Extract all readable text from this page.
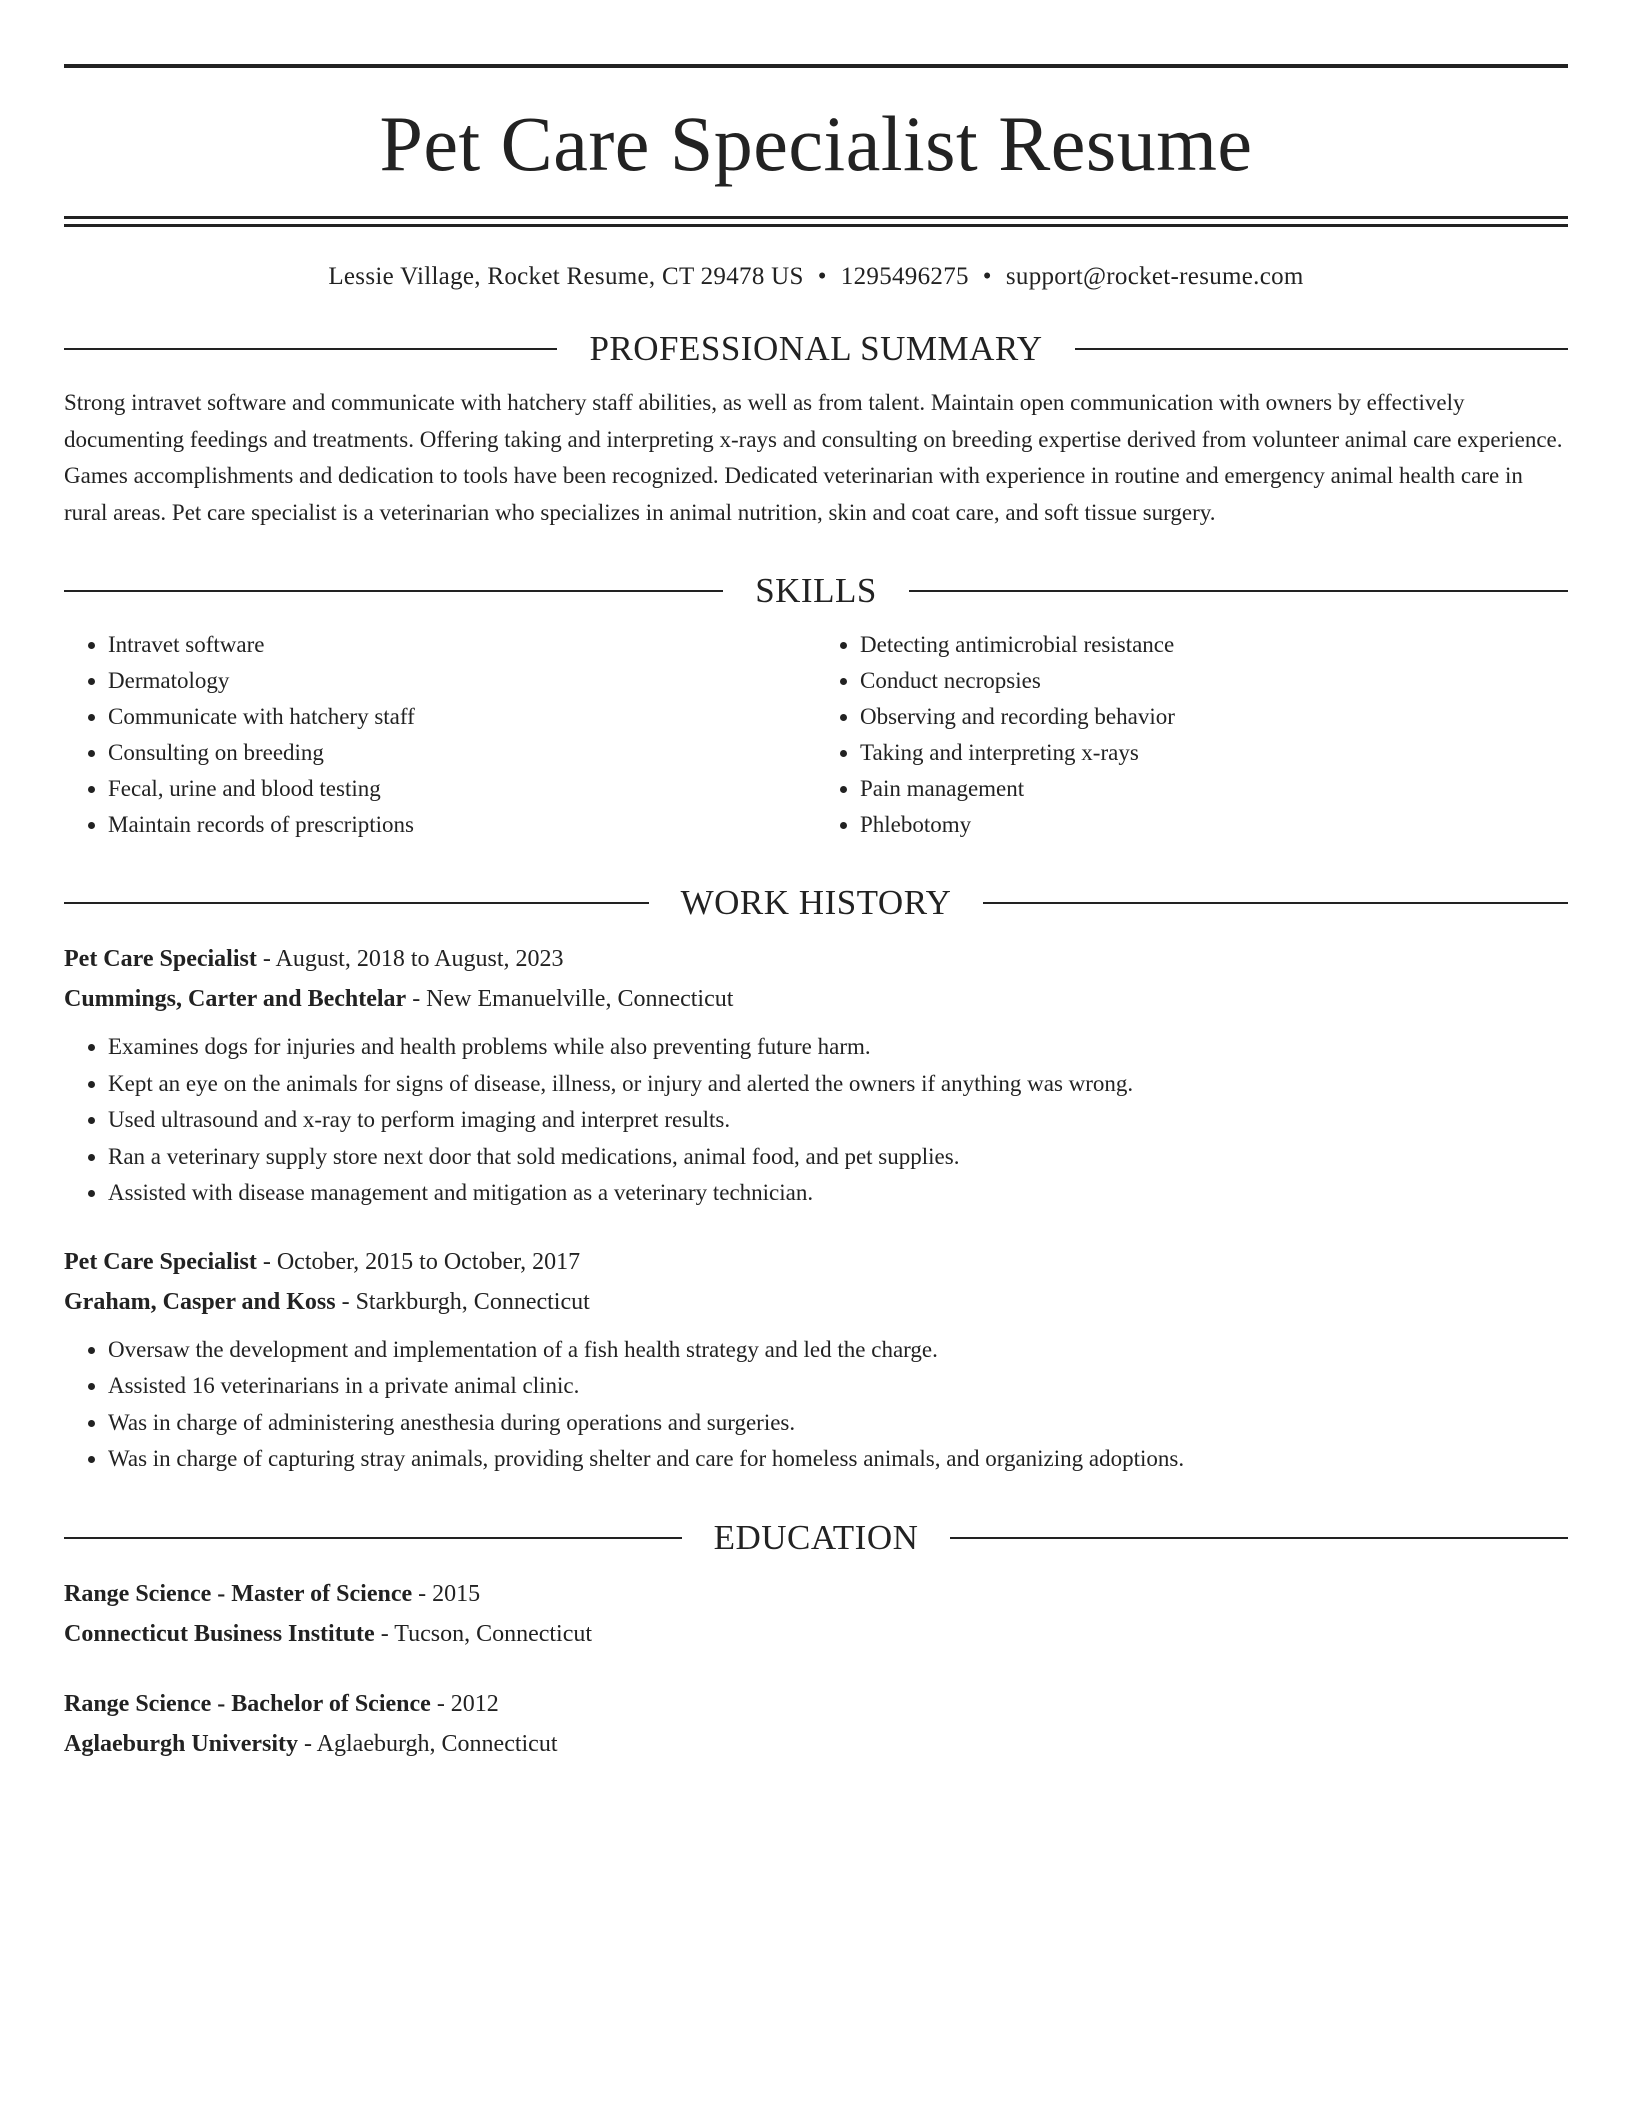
Pet Care Specialist Resume
Lessie Village, Rocket Resume, CT 29478 US • 1295496275 • support@rocket-resume.com
PROFESSIONAL SUMMARY

Strong intravet software and communicate with hatchery staff abilities, as well as from talent. Maintain open communication with owners by effectively documenting feedings and treatments. Offering taking and interpreting x-rays and consulting on breeding expertise derived from volunteer animal care experience. Games accomplishments and dedication to tools have been recognized. Dedicated veterinarian with experience in routine and emergency animal health care in rural areas. Pet care specialist is a veterinarian who specializes in animal nutrition, skin and coat care, and soft tissue surgery.

SKILLS
• Intravet software
• Dermatology
• Communicate with hatchery staff
• Consulting on breeding
• Fecal, urine and blood testing
• Maintain records of prescriptions
• Detecting antimicrobial resistance
• Conduct necropsies
• Observing and recording behavior
• Taking and interpreting x-rays
• Pain management
• Phlebotomy
WORK HISTORY
Pet Care Specialist - August, 2018 to August, 2023
Cummings, Carter and Bechtelar - New Emanuelville, Connecticut
• Examines dogs for injuries and health problems while also preventing future harm.
• Kept an eye on the animals for signs of disease, illness, or injury and alerted the owners if anything was wrong.
• Used ultrasound and x-ray to perform imaging and interpret results.
• Ran a veterinary supply store next door that sold medications, animal food, and pet supplies.
• Assisted with disease management and mitigation as a veterinary technician.
Pet Care Specialist - October, 2015 to October, 2017
Graham, Casper and Koss - Starkburgh, Connecticut
• Oversaw the development and implementation of a fish health strategy and led the charge.
• Assisted 16 veterinarians in a private animal clinic.
• Was in charge of administering anesthesia during operations and surgeries.
• Was in charge of capturing stray animals, providing shelter and care for homeless animals, and organizing adoptions.
EDUCATION
Range Science - Master of Science - 2015
Connecticut Business Institute - Tucson, Connecticut
Range Science - Bachelor of Science - 2012
Aglaeburgh University - Aglaeburgh, Connecticut
